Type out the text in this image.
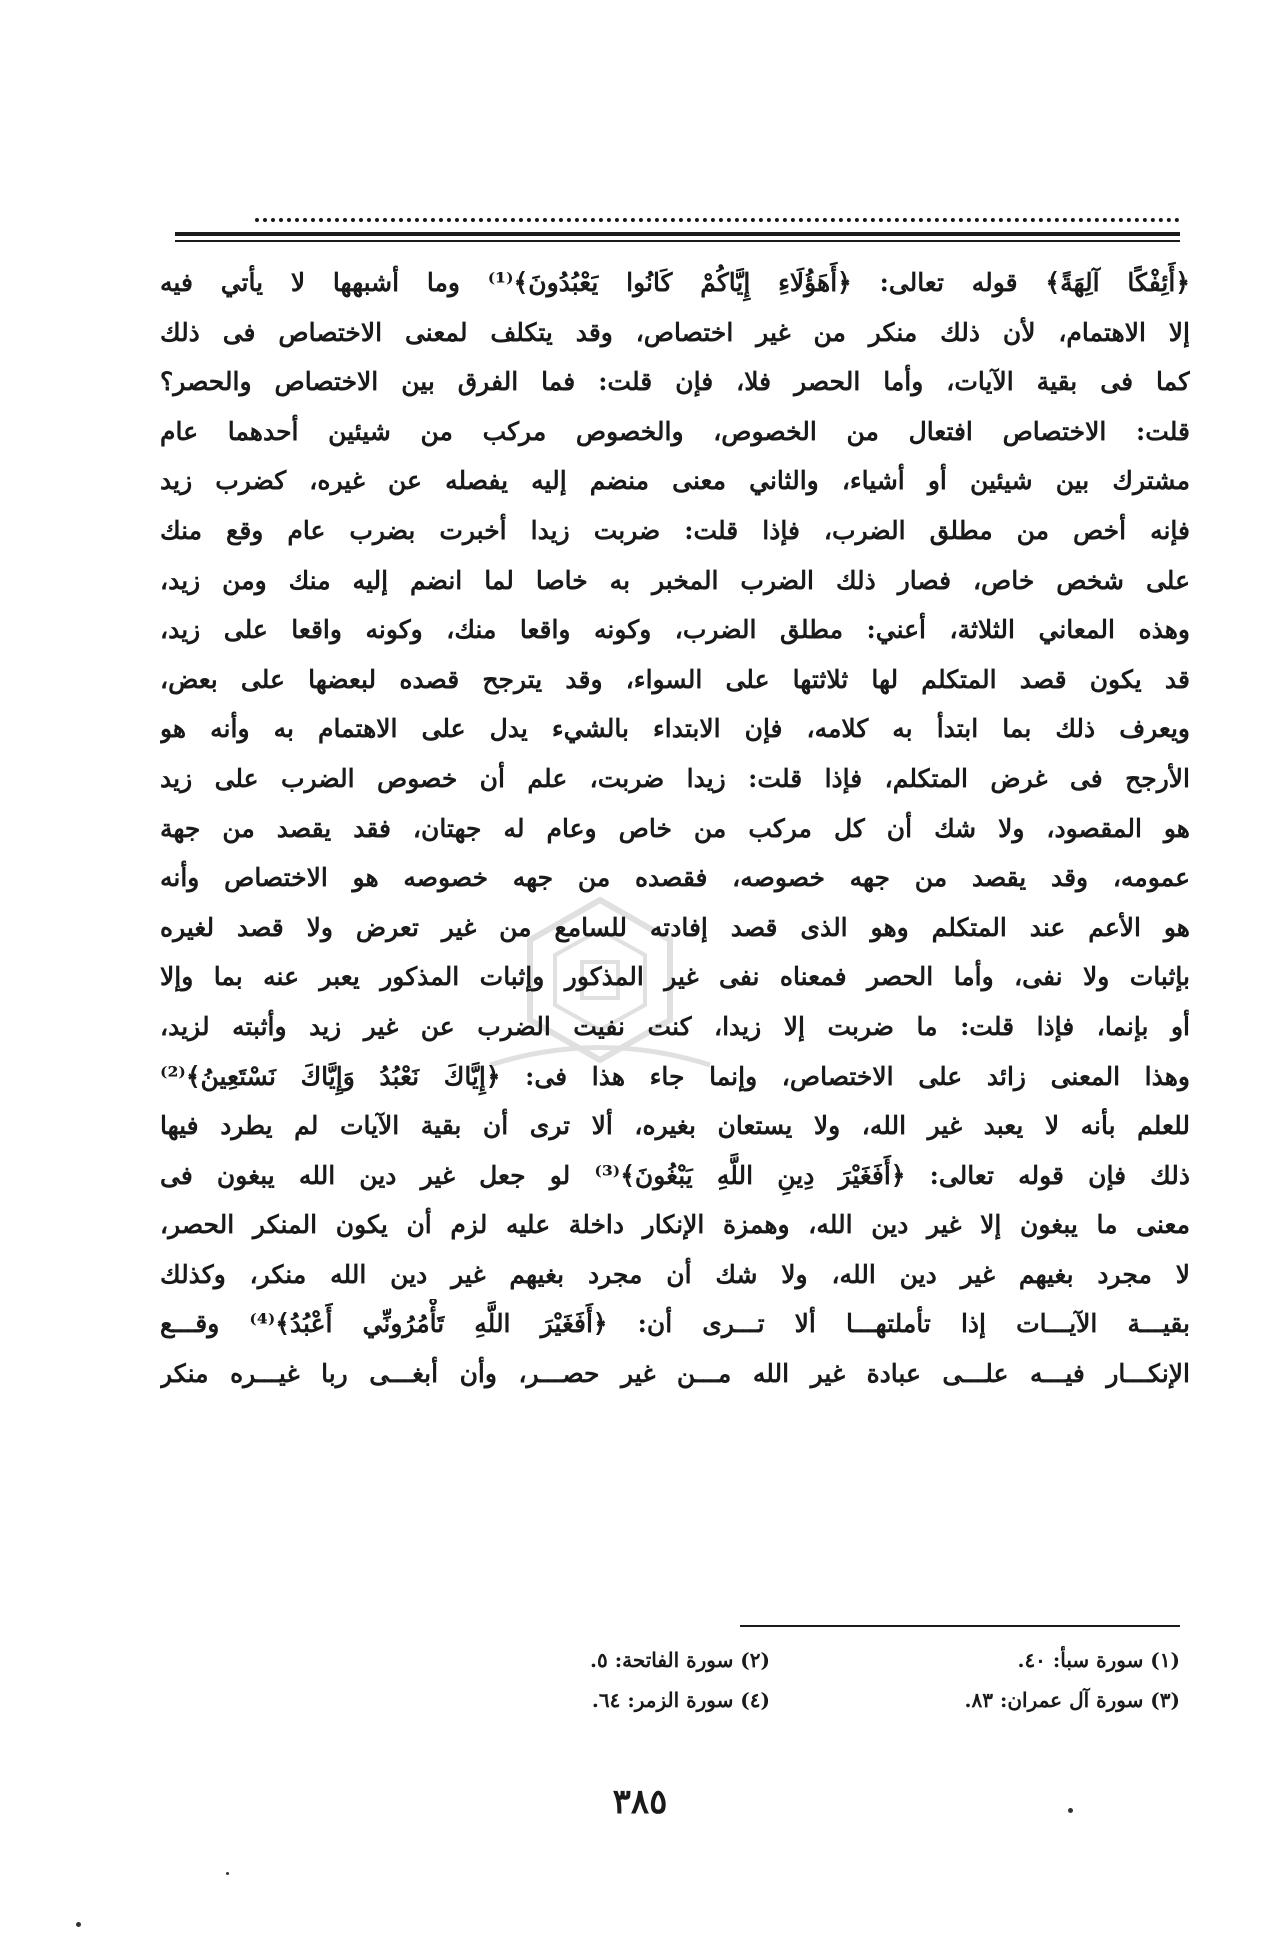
﴿أَئِفْكًا آلِهَةً﴾ قوله تعالى: ﴿أَهَؤُلَاءِ إِيَّاكُمْ كَانُوا يَعْبُدُونَ﴾⁽¹⁾ وما أشبهها لا يأتي فيه
إلا الاهتمام، لأن ذلك منكر من غير اختصاص، وقد يتكلف لمعنى الاختصاص فى ذلك
كما فى بقية الآيات، وأما الحصر فلا، فإن قلت: فما الفرق بين الاختصاص والحصر؟
قلت: الاختصاص افتعال من الخصوص، والخصوص مركب من شيئين أحدهما عام
مشترك بين شيئين أو أشياء، والثاني معنى منضم إليه يفصله عن غيره، كضرب زيد
فإنه أخص من مطلق الضرب، فإذا قلت: ضربت زيدا أخبرت بضرب عام وقع منك
على شخص خاص، فصار ذلك الضرب المخبر به خاصا لما انضم إليه منك ومن زيد،
وهذه المعاني الثلاثة، أعني: مطلق الضرب، وكونه واقعا منك، وكونه واقعا على زيد،
قد يكون قصد المتكلم لها ثلاثتها على السواء، وقد يترجح قصده لبعضها على بعض،
ويعرف ذلك بما ابتدأ به كلامه، فإن الابتداء بالشيء يدل على الاهتمام به وأنه هو
الأرجح فى غرض المتكلم، فإذا قلت: زيدا ضربت، علم أن خصوص الضرب على زيد
هو المقصود، ولا شك أن كل مركب من خاص وعام له جهتان، فقد يقصد من جهة
عمومه، وقد يقصد من جهه خصوصه، فقصده من جهه خصوصه هو الاختصاص وأنه
هو الأعم عند المتكلم وهو الذى قصد إفادته للسامع من غير تعرض ولا قصد لغيره
بإثبات ولا نفى، وأما الحصر فمعناه نفى غير المذكور وإثبات المذكور يعبر عنه بما وإلا
أو بإنما، فإذا قلت: ما ضربت إلا زيدا، كنت نفيت الضرب عن غير زيد وأثبته لزيد،
وهذا المعنى زائد على الاختصاص، وإنما جاء هذا فى: ﴿إِيَّاكَ نَعْبُدُ وَإِيَّاكَ نَسْتَعِينُ﴾⁽²⁾
للعلم بأنه لا يعبد غير الله، ولا يستعان بغيره، ألا ترى أن بقية الآيات لم يطرد فيها
ذلك فإن قوله تعالى: ﴿أَفَغَيْرَ دِينِ اللَّهِ يَبْغُونَ﴾⁽³⁾ لو جعل غير دين الله يبغون فى
معنى ما يبغون إلا غير دين الله، وهمزة الإنكار داخلة عليه لزم أن يكون المنكر الحصر،
لا مجرد بغيهم غير دين الله، ولا شك أن مجرد بغيهم غير دين الله منكر، وكذلك
بقيـــة الآيـــات إذا تأملتهـــا ألا تـــرى أن: ﴿أَفَغَيْرَ اللَّهِ تَأْمُرُونِّي أَعْبُدُ﴾⁽⁴⁾ وقـــع
الإنكـــار فيـــه علـــى عبادة غير الله مـــن غير حصـــر، وأن أبغـــى ربا غيـــره منكر
(١) سورة سبأ: ٤٠.
(٢) سورة الفاتحة: ٥.
(٣) سورة آل عمران: ٨٣.
(٤) سورة الزمر: ٦٤.
٣٨٥
